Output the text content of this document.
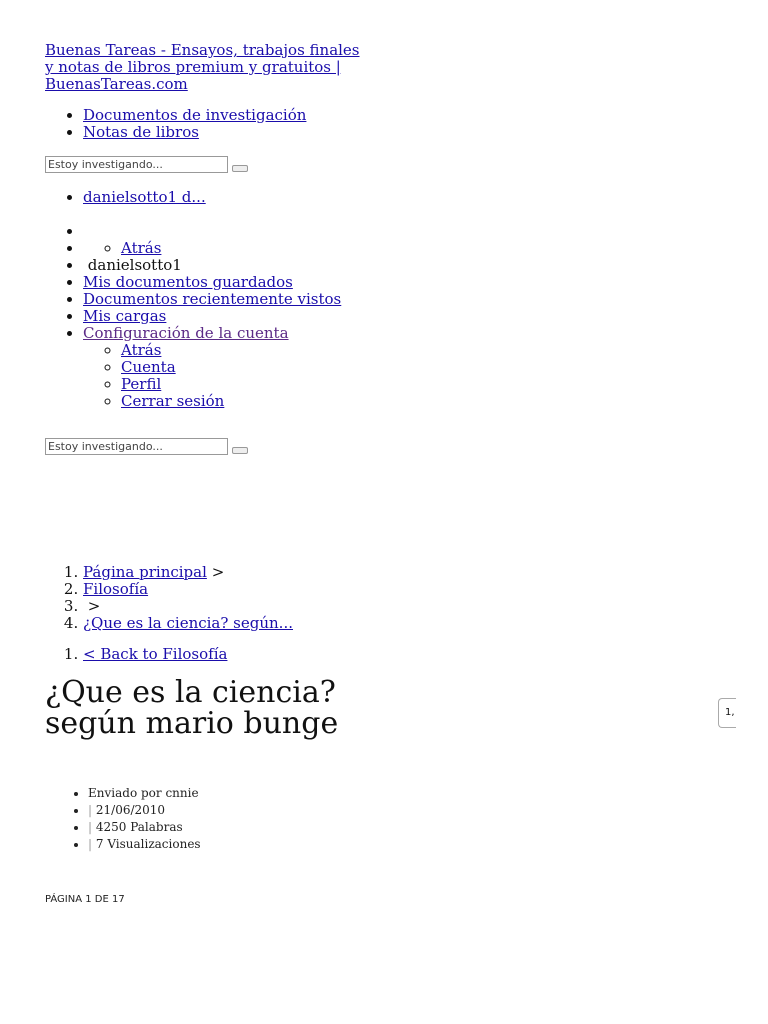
Buenas Tareas - Ensayos, trabajos finales y notas de libros premium y gratuitos | BuenasTareas.com
• Documentos de investigación
• Notas de libros
Estoy investigando...
• danielsotto1 d...
•
◦ • Atrás
• danielsotto1
• Mis documentos guardados
• Documentos recientemente vistos
• Mis cargas
• Configuración de la cuenta
◦ Atrás
◦ Cuenta
◦ Perfil
◦ Cerrar sesión
Estoy investigando...
1. Página principal >
2. Filosofía
3. >
4. ¿Que es la ciencia? según...
1. < Back to Filosofía
¿Que es la ciencia? según mario bunge
• Enviado por cnnie
• | 21/06/2010
• | 4250 Palabras
• | 7 Visualizaciones
PÁGINA 1 DE 17
1,
